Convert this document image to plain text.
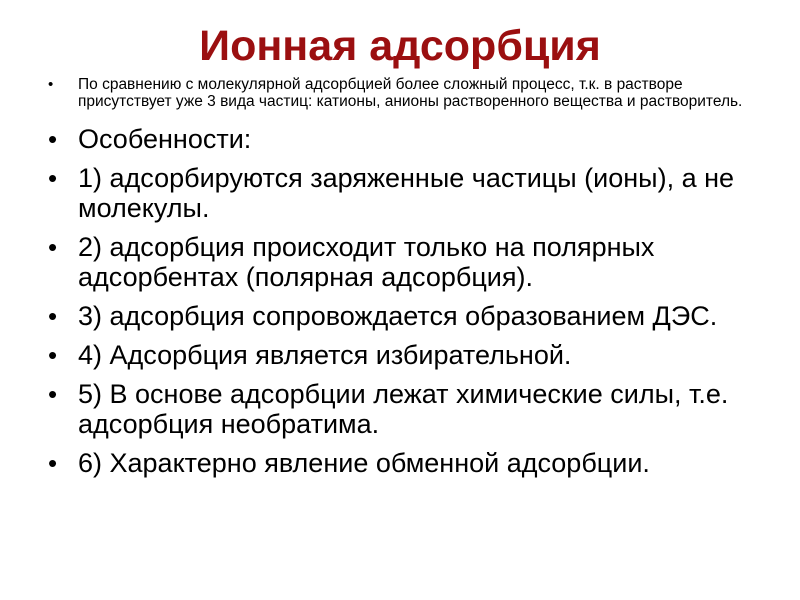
Ионная адсорбция
• По сравнению с молекулярной адсорбцией более сложный процесс, т.к. в растворе присутствует уже 3 вида частиц: катионы, анионы растворенного вещества и растворитель.
• Особенности:
• 1) адсорбируются заряженные частицы (ионы), а не молекулы.
• 2) адсорбция происходит только на полярных адсорбентах (полярная адсорбция).
• 3) адсорбция сопровождается образованием ДЭС.
• 4) Адсорбция является избирательной.
• 5) В основе адсорбции лежат химические силы, т.е. адсорбция необратима.
• 6) Характерно явление обменной адсорбции.
